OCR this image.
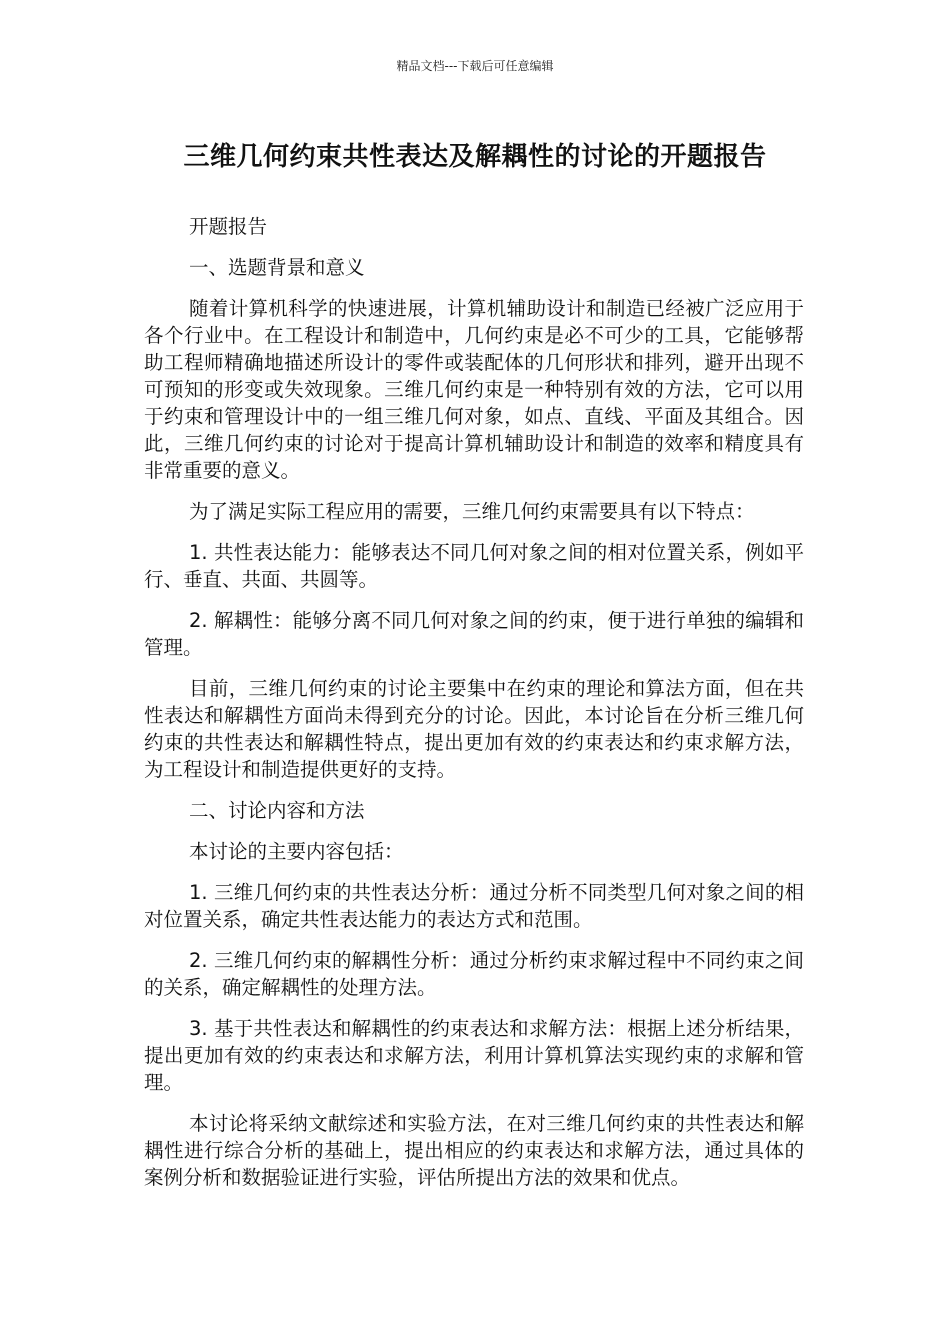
精品文档---下载后可任意编辑
三维几何约束共性表达及解耦性的讨论的开题报告

开题报告

一、选题背景和意义

随着计算机科学的快速进展，计算机辅助设计和制造已经被广泛应用于各个行业中。在工程设计和制造中，几何约束是必不可少的工具，它能够帮助工程师精确地描述所设计的零件或装配体的几何形状和排列，避开出现不可预知的形变或失效现象。三维几何约束是一种特别有效的方法，它可以用于约束和管理设计中的一组三维几何对象，如点、直线、平面及其组合。因此，三维几何约束的讨论对于提高计算机辅助设计和制造的效率和精度具有非常重要的意义。

为了满足实际工程应用的需要，三维几何约束需要具有以下特点：

1. 共性表达能力：能够表达不同几何对象之间的相对位置关系，例如平行、垂直、共面、共圆等。

2. 解耦性：能够分离不同几何对象之间的约束，便于进行单独的编辑和管理。

目前，三维几何约束的讨论主要集中在约束的理论和算法方面，但在共性表达和解耦性方面尚未得到充分的讨论。因此，本讨论旨在分析三维几何约束的共性表达和解耦性特点，提出更加有效的约束表达和约束求解方法，为工程设计和制造提供更好的支持。

二、讨论内容和方法

本讨论的主要内容包括：

1. 三维几何约束的共性表达分析：通过分析不同类型几何对象之间的相对位置关系，确定共性表达能力的表达方式和范围。

2. 三维几何约束的解耦性分析：通过分析约束求解过程中不同约束之间的关系，确定解耦性的处理方法。

3. 基于共性表达和解耦性的约束表达和求解方法：根据上述分析结果，提出更加有效的约束表达和求解方法，利用计算机算法实现约束的求解和管理。

本讨论将采纳文献综述和实验方法，在对三维几何约束的共性表达和解耦性进行综合分析的基础上，提出相应的约束表达和求解方法，通过具体的案例分析和数据验证进行实验，评估所提出方法的效果和优点。
